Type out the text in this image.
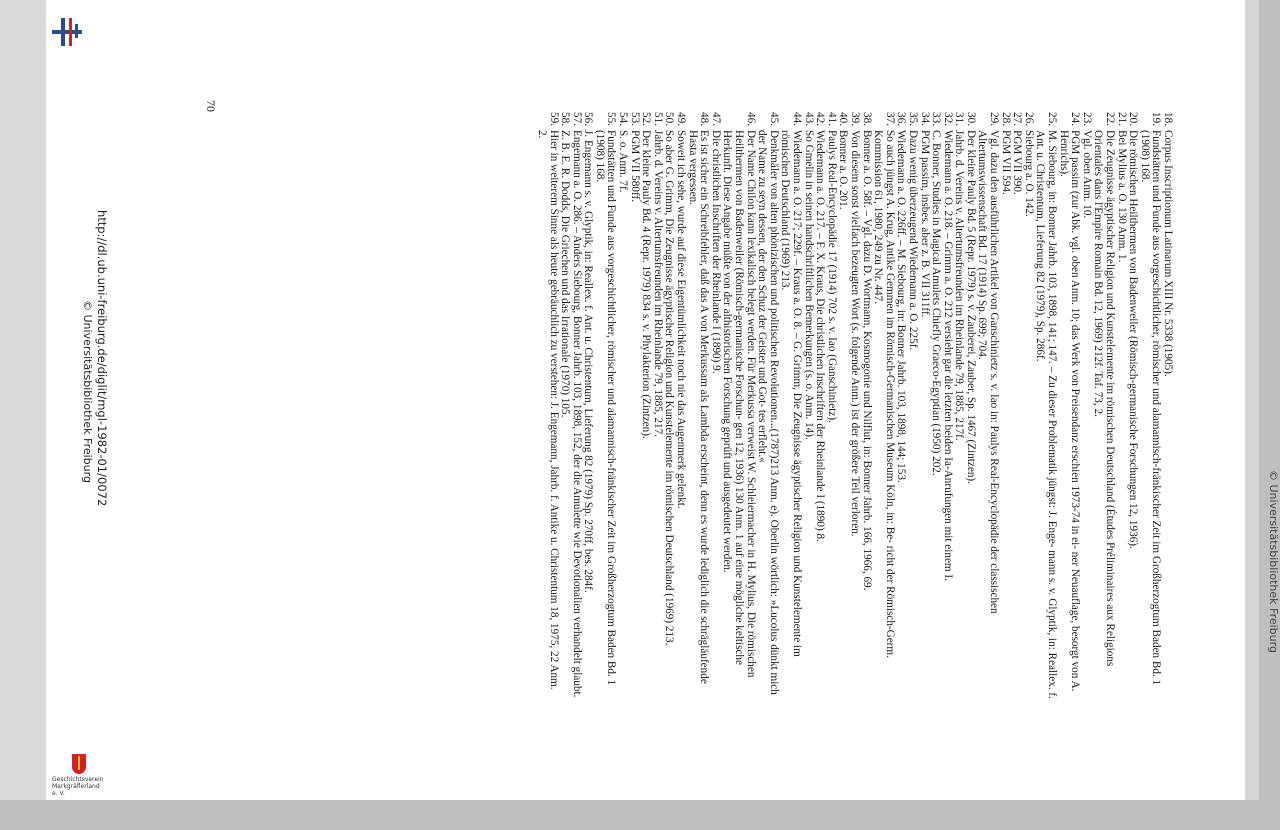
Geschichtsverein Markgräflerland e. V.
© Universitätsbibliothek Freiburg
18.
Corpus Inscriptionum Latinarum XIII Nr. 5338 (1905).
19.
Fundstätten und Funde aus vorgeschichtlicher, römischer und alamannisch-fränkischer Zeit im Großherzogtum Baden Bd. 1 (1908) 168.
20.
Die römischen Heilthermen von Badenweiler (Römisch-germanische Forschungen 12, 1936).
21.
Bei Mylius a. O. 130 Anm. 1.
22.
Die Zeugnisse ägyptischer Religion und Kunstelemente im römischen Deutschland (Études Préliminaires aux Religions Orientales dans l'Empire Romain Bd. 12, 1969) 212f. Taf. 73, 2.
23.
Vgl. oben Anm. 10.
24.
PGM passim (zur Abk. vgl. oben Anm. 10; das Werk von Preisendanz erschien 1973-74 in ei- ner Neuauflage, besorgt von A. Henrichs).
25.
M. Siebourg, in: Bonner Jahrb. 103, 1898, 141; 147. – Zu dieser Problematik jüngst: J. Enge- mann s. v. Glyptik, in: Reallex. f. Ant. u. Christentum, Lieferung 82 (1979), Sp. 286f.
26.
Siebourg a. O. 142.
27.
PGM VII 390.
28.
PGM VII 594.
29.
Vgl. dazu den ausführlichen Artikel von Ganschinietz s. v. Iao in: Paulys Real-Encyclopädie der classischen Altertumswissenschaft Bd. 17 (1914) Sp. 699; 704.
30.
Der kleine Pauly Bd. 5 (Repr. 1979) s. v. Zauberei, Zauber, Sp. 1467 (Zintzen).
31.
Jahrb. d. Vereins v. Altertumsfreunden im Rheinlande 79, 1885, 217f.
32.
Wiedemann a. O. 218. – Grimm a. O. 212 versieht gar die letzten beiden Ia-Anrufungen mit einem I.
33.
C. Bonner, Studies in Magical Amulets Chiefly Graeco-Egyptian (1950) 202.
34.
PGM passim, insbes. aber z. B. VII 311ff.
35.
Dazu wenig überzeugend Wiedemann a. O. 225f.
36.
Wiedemann a. O. 226ff. – M. Siebourg, in: Bonner Jahrb. 103, 1898, 144; 153.
37.
So auch jüngst A. Krug, Antike Gemmen im Römisch-Germanischen Museum Köln, in: Be- richt der Römisch-Germ. Kommission 61, 1980, 249 zu Nr. 447.
38.
Bonner a. O. 58f. – Vgl. dazu D. Wortmann, Kosmogonie und Nilflut, in: Bonner Jahrb. 166, 1966, 69.
39.
Von diesem sonst vielfach bezeugten Wort (s. folgende Anm.) ist der größere Teil verloren.
40.
Bonner a. O. 201.
41.
Paulys Real-Encyclopädie 17 (1914) 702 s. v. Iao (Ganschinietz).
42.
Wiedemann a. O. 217. – F. X. Kraus, Die christlichen Inschriften der Rheinlande I (1890) 8.
43.
So Gmelin in seinen handschriftlichen Bemerkungen (s. o. Anm. 14).
44.
Wiedemann a. O. 217; 229f. – Kraus a. O. 8. – G. Grimm, Die Zeugnisse ägyptischer Religion und Kunstelemente im römischen Deutschland (1969) 213.
45.
Denkmäler von alten phönizischen und politischen Revolutionen...(1787)213 Anm. e). Oberlin wörtlich: »Lucolus dünkt mich der Name zu seyn dessen, der den Schuz der Geister und Got- tes erfleht.«
46.
Der Name Chilon kann lexikalisch belegt werden. Für Merkussa verweist W. Schleiermacher in H. Mylius, Die römischen Heilthermen von Badenweiler (Römisch-germanische Forschun- gen 12, 1936) 130 Anm. 1 auf eine mögliche keltische Herkunft. Diese Angabe müßte von der althistorischen Forschung geprüft und ausgedeutet werden.
47.
Die christlichen Inschriften der Rheinlande I (1890) 9.
48.
Es ist sicher ein Schreibfehler, daß das A von Merkussam als Lambda erscheint, denn es wurde lediglich die schrägläufende Hasta vergessen.
49.
Soweit ich sehe, wurde auf diese Eigentümlichkeit noch nie das Augenmerk gelenkt.
50.
So aber G. Grimm, Die Zeugnisse ägyptischer Religion und Kunstelemente im römischen Deutschland (1969) 213.
51.
Jahrb. d. Vereins v. Altertumsfreunden im Rheinlande 79, 1885, 217.
52.
Der kleine Pauly Bd. 4 (Repr. 1979) 834 s. v. Phylakterion (Zintzen).
53.
PGM VII 580ff.
54.
S. o. Anm. 7f.
55.
Fundstätten und Funde aus vorgeschichtlicher, römischer und alamannisch-fränkischer Zeit im Großherzogtum Baden Bd. 1 (1908) 168.
56.
J. Engemann s. v. Glyptik, in: Reallex. f. Ant. u. Christentum, Lieferung 82 (1979) Sp. 270ff, bes. 284f.
57.
Engemann a. O. 286. – Anders Siebourg, Bonner Jahrb. 103, 1898, 152, der die Amulette wie Devotionalien verhandelt glaubt.
58.
Z. B. E. R. Dodds, Die Griechen und das Irrationale (1970) 105.
59.
Hier in weiterem Sinne als heute gebräuchlich zu verstehen: J. Engemann, Jahrb. f. Antike u. Christentum 18, 1975, 22 Anm. 2.
70
http://dl.ub.uni-freiburg.de/diglit/mgl-1982-01/0072
© Universitätsbibliothek Freiburg
